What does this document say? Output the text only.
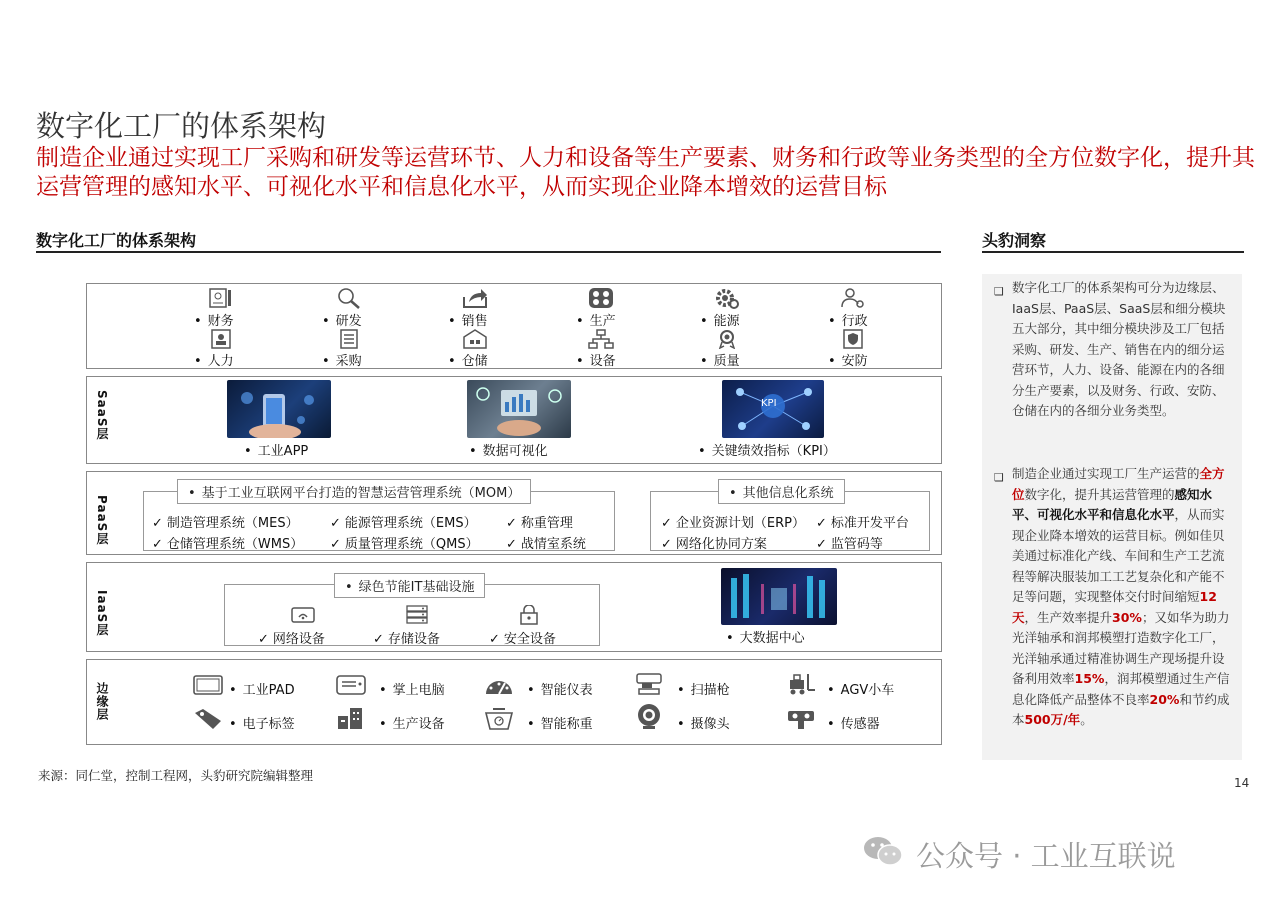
数字化工厂的体系架构
制造企业通过实现工厂采购和研发等运营环节、人力和设备等生产要素、财务和行政等业务类型的全方位数字化，提升其运营管理的感知水平、可视化水平和信息化水平，从而实现企业降本增效的运营目标
数字化工厂的体系架构	头豹洞察
• 财务	• 研发	• 销售	• 生产	• 能源	• 行政
• 人力	• 采购	• 仓储	• 设备	• 质量	• 安防
SaaS层	KPI
• 工业APP	• 数据可视化	• 关键绩效指标（KPI）
PaaS层
• 基于工业互联网平台打造的智慧运营管理系统（MOM）
✓ 制造管理系统（MES） ✓ 能源管理系统（EMS） ✓ 称重管理
✓ 仓储管理系统（WMS） ✓ 质量管理系统（QMS） ✓ 战情室系统
• 其他信息化系统
✓ 企业资源计划（ERP） ✓ 标准开发平台
✓ 网络化协同方案	✓ 监管码等
IaaS层
• 绿色节能IT基础设施
✓ 网络设备	✓ 存储设备	✓ 安全设备	• 大数据中心
边缘层	• 工业PAD	• 掌上电脑	• 智能仪表	• 扫描枪	• AGV小车
• 电子标签	• 生产设备	• 智能称重	• 摄像头	• 传感器
来源：同仁堂，控制工程网，头豹研究院编辑整理
❑ 数字化工厂的体系架构可分为边缘层、IaaS层、PaaS层、SaaS层和细分模块五大部分，其中细分模块涉及工厂包括采购、研发、生产、销售在内的细分运营环节，人力、设备、能源在内的各细分生产要素，以及财务、行政、安防、仓储在内的各细分业务类型。
❑ 制造企业通过实现工厂生产运营的全方位数字化，提升其运营管理的感知水平、可视化水平和信息化水平，从而实现企业降本增效的运营目标。例如佳贝美通过标准化产线、车间和生产工艺流程等解决服装加工工艺复杂化和产能不足等问题，实现整体交付时间缩短12天，生产效率提升30%；又如华为助力光洋轴承和润邦模塑打造数字化工厂，光洋轴承通过精准协调生产现场提升设备利用效率15%，润邦模塑通过生产信息化降低产品整体不良率20%和节约成本500万/年。
14
公众号 · 工业互联说
